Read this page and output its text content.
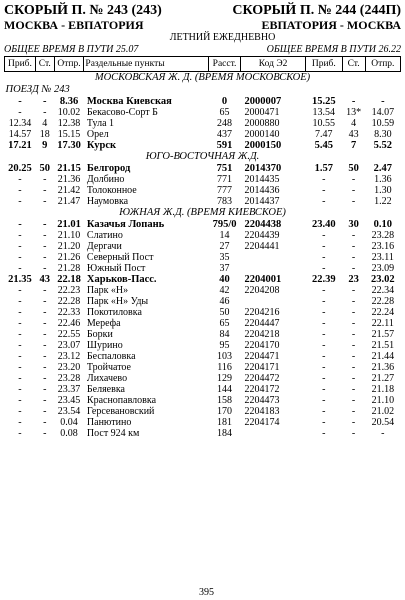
СКОРЫЙ П. № 243 (243)	СКОРЫЙ П. № 244 (244П)
МОСКВА - ЕВПАТОРИЯ	ЕВПАТОРИЯ - МОСКВА
ЛЕТНИЙ ЕЖЕДНЕВНО
ОБЩЕЕ ВРЕМЯ В ПУТИ 25.07	ОБЩЕЕ ВРЕМЯ В ПУТИ 26.22
Приб.	Ст.	Отпр.	Раздельные пункты	Расст.	Код Э2	Приб.	Ст.	Отпр.
МОСКОВСКАЯ Ж. Д. (ВРЕМЯ МОСКОВСКОЕ)								
ПОЕЗД № 243								
-	-	8.36	Москва Киевская	0	2000007	15.25	-	-
-	-	10.02	Бекасово-Сорт Б	65	2000471	13.54	13*	14.07
12.34	4	12.38	Тула 1	248	2000880	10.55	4	10.59
14.57	18	15.15	Орел	437	2000140	7.47	43	8.30
17.21	9	17.30	Курск	591	2000150	5.45	7	5.52
ЮГО-ВОСТОЧНАЯ Ж.Д.								
20.25	50	21.15	Белгород	751	2014370	1.57	50	2.47
-	-	21.36	Долбино	771	2014435	-	-	1.36
-	-	21.42	Толоконное	777	2014436	-	-	1.30
-	-	21.47	Наумовка	783	2014437	-	-	1.22
ЮЖНАЯ Ж.Д. (ВРЕМЯ КИЕВСКОЕ)								
-	-	21.01	Казачья Лопань	795/0	2204438	23.40	30	0.10
-	-	21.10	Слатино	14	2204439	-	-	23.28
-	-	21.20	Дергачи	27	2204441	-	-	23.16
-	-	21.26	Северный Пост	35		-	-	23.11
-	-	21.28	Южный Пост	37		-	-	23.09
21.35	43	22.18	Харьков-Пасс.	40	2204001	22.39	23	23.02
-	-	22.23	Парк «Н»	42	2204208	-	-	22.34
-	-	22.28	Парк «Н» Уды	46		-	-	22.28
-	-	22.33	Покотиловка	50	2204216	-	-	22.24
-	-	22.46	Мерефа	65	2204447	-	-	22.11
-	-	22.55	Борки	84	2204218	-	-	21.57
-	-	23.07	Шурино	95	2204170	-	-	21.51
-	-	23.12	Беспаловка	103	2204471	-	-	21.44
-	-	23.20	Тройчатое	116	2204171	-	-	21.36
-	-	23.28	Лихачево	129	2204472	-	-	21.27
-	-	23.37	Беляевка	144	2204172	-	-	21.18
-	-	23.45	Краснопавловка	158	2204473	-	-	21.10
-	-	23.54	Герсевановский	170	2204183	-	-	21.02
-	-	0.04	Панютино	181	2204174	-	-	20.54
-	-	0.08	Пост 924 км	184		-	-	-
395
